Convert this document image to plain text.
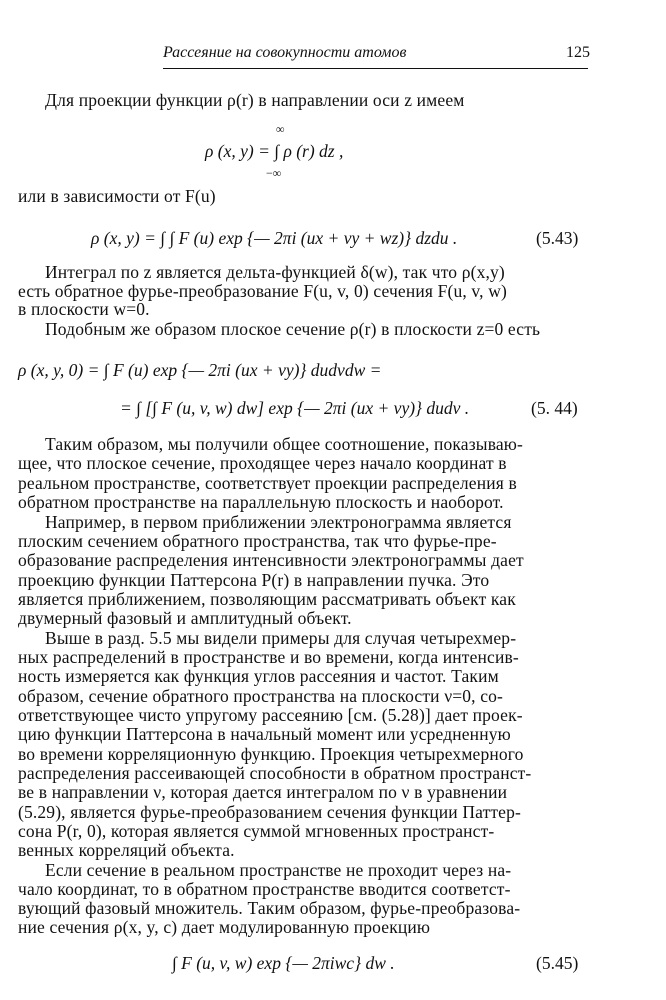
Рассеяние на совокупности атомов	125
Для проекции функции ρ(r) в направлении оси z имеем
ρ (x, y) = ∫ ρ (r) dz ,
∞
−∞
или в зависимости от F(u)
ρ (x, y) = ∫ ∫ F (u) exp {— 2πi (ux + vy + wz)} dzdu .	(5.43)
Интеграл по z является дельта-функцией δ(w), так что ρ(x,y)
есть обратное фурье-преобразование F(u, v, 0) сечения F(u, v, w)
в плоскости w=0.
Подобным же образом плоское сечение ρ(r) в плоскости z=0 есть
ρ (x, y, 0) = ∫ F (u) exp {— 2πi (ux + vy)} dudvdw =
= ∫ [∫ F (u, v, w) dw] exp {— 2πi (ux + vy)} dudv .	(5. 44)
Таким образом, мы получили общее соотношение, показываю-
щее, что плоское сечение, проходящее через начало координат в
реальном пространстве, соответствует проекции распределения в
обратном пространстве на параллельную плоскость и наоборот.
Например, в первом приближении электронограмма является
плоским сечением обратного пространства, так что фурье-пре-
образование распределения интенсивности электронограммы дает
проекцию функции Паттерсона P(r) в направлении пучка. Это
является приближением, позволяющим рассматривать объект как
двумерный фазовый и амплитудный объект.
Выше в разд. 5.5 мы видели примеры для случая четырехмер-
ных распределений в пространстве и во времени, когда интенсив-
ность измеряется как функция углов рассеяния и частот. Таким
образом, сечение обратного пространства на плоскости ν=0, со-
ответствующее чисто упругому рассеянию [см. (5.28)] дает проек-
цию функции Паттерсона в начальный момент или усредненную
во времени корреляционную функцию. Проекция четырехмерного
распределения рассеивающей способности в обратном пространст-
ве в направлении ν, которая дается интегралом по ν в уравнении
(5.29), является фурье-преобразованием сечения функции Паттер-
сона P(r, 0), которая является суммой мгновенных пространст-
венных корреляций объекта.
Если сечение в реальном пространстве не проходит через на-
чало координат, то в обратном пространстве вводится соответст-
вующий фазовый множитель. Таким образом, фурье-преобразова-
ние сечения ρ(x, y, c) дает модулированную проекцию
∫ F (u, v, w) exp {— 2πiwc} dw .	(5.45)
